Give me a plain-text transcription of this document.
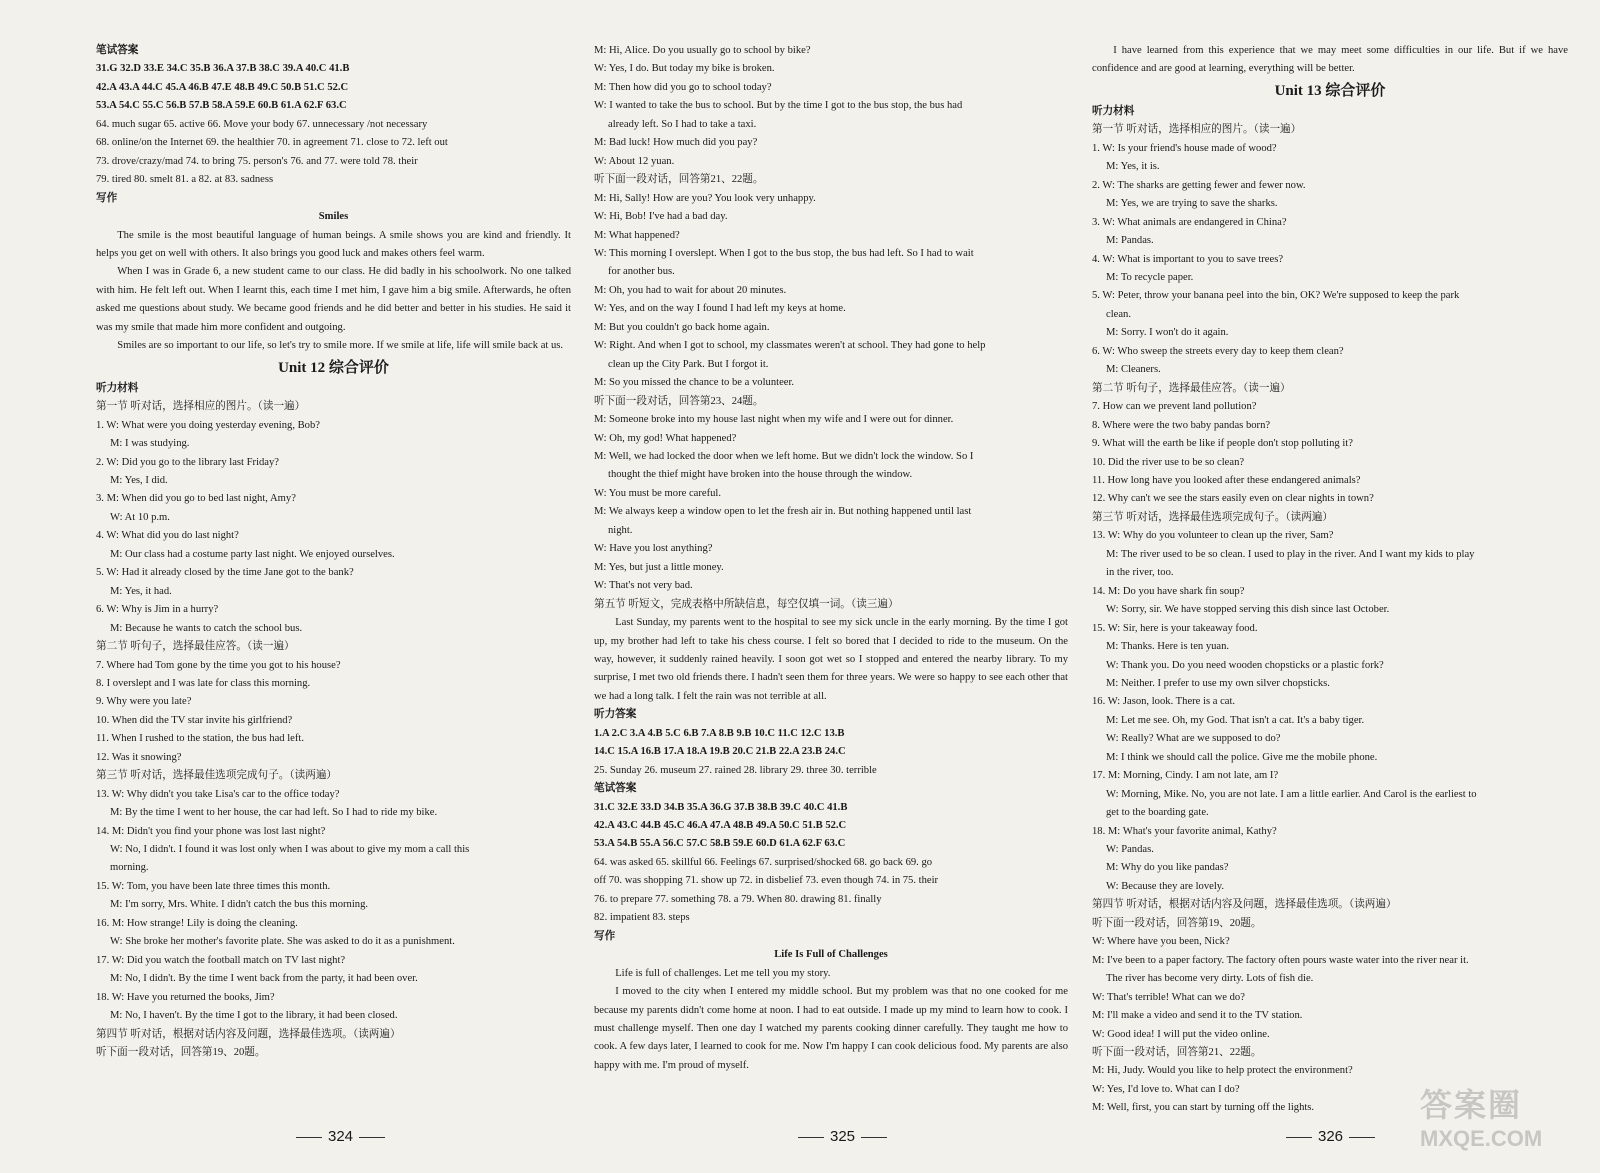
笔试答案

31.G 32.D 33.E 34.C 35.B 36.A 37.B 38.C 39.A 40.C 41.B

42.A 43.A 44.C 45.A 46.B 47.E 48.B 49.C 50.B 51.C 52.C

53.A 54.C 55.C 56.B 57.B 58.A 59.E 60.B 61.A 62.F 63.C

64. much sugar 65. active 66. Move your body 67. unnecessary /not necessary

68. online/on the Internet 69. the healthier 70. in agreement 71. close to 72. left out

73. drove/crazy/mad 74. to bring 75. person's 76. and 77. were told 78. their

79. tired 80. smelt 81. a 82. at 83. sadness

写作

Smiles

The smile is the most beautiful language of human beings. A smile shows you are kind and friendly. It helps you get on well with others. It also brings you good luck and makes others feel warm.

When I was in Grade 6, a new student came to our class. He did badly in his schoolwork. No one talked with him. He felt left out. When I learnt this, each time I met him, I gave him a big smile. Afterwards, he often asked me questions about study. We became good friends and he did better and better in his studies. He said it was my smile that made him more confident and outgoing.

Smiles are so important to our life, so let's try to smile more. If we smile at life, life will smile back at us.

Unit 12 综合评价

听力材料

第一节 听对话，选择相应的图片。（读一遍）

1. W: What were you doing yesterday evening, Bob?

M: I was studying.

2. W: Did you go to the library last Friday?

M: Yes, I did.

3. M: When did you go to bed last night, Amy?

W: At 10 p.m.

4. W: What did you do last night?

M: Our class had a costume party last night. We enjoyed ourselves.

5. W: Had it already closed by the time Jane got to the bank?

M: Yes, it had.

6. W: Why is Jim in a hurry?

M: Because he wants to catch the school bus.

第二节 听句子，选择最佳应答。（读一遍）

7. Where had Tom gone by the time you got to his house?

8. I overslept and I was late for class this morning.

9. Why were you late?

10. When did the TV star invite his girlfriend?

11. When I rushed to the station, the bus had left.

12. Was it snowing?

第三节 听对话，选择最佳选项完成句子。（读两遍）

13. W: Why didn't you take Lisa's car to the office today?

M: By the time I went to her house, the car had left. So I had to ride my bike.

14. M: Didn't you find your phone was lost last night?

W: No, I didn't. I found it was lost only when I was about to give my mom a call this

morning.

15. W: Tom, you have been late three times this month.

M: I'm sorry, Mrs. White. I didn't catch the bus this morning.

16. M: How strange! Lily is doing the cleaning.

W: She broke her mother's favorite plate. She was asked to do it as a punishment.

17. W: Did you watch the football match on TV last night?

M: No, I didn't. By the time I went back from the party, it had been over.

18. W: Have you returned the books, Jim?

M: No, I haven't. By the time I got to the library, it had been closed.

第四节 听对话，根据对话内容及问题，选择最佳选项。（读两遍）

听下面一段对话，回答第19、20题。

M: Hi, Alice. Do you usually go to school by bike?

W: Yes, I do. But today my bike is broken.

M: Then how did you go to school today?

W: I wanted to take the bus to school. But by the time I got to the bus stop, the bus had

already left. So I had to take a taxi.

M: Bad luck! How much did you pay?

W: About 12 yuan.

听下面一段对话，回答第21、22题。

M: Hi, Sally! How are you? You look very unhappy.

W: Hi, Bob! I've had a bad day.

M: What happened?

W: This morning I overslept. When I got to the bus stop, the bus had left. So I had to wait

for another bus.

M: Oh, you had to wait for about 20 minutes.

W: Yes, and on the way I found I had left my keys at home.

M: But you couldn't go back home again.

W: Right. And when I got to school, my classmates weren't at school. They had gone to help

clean up the City Park. But I forgot it.

M: So you missed the chance to be a volunteer.

听下面一段对话，回答第23、24题。

M: Someone broke into my house last night when my wife and I were out for dinner.

W: Oh, my god! What happened?

M: Well, we had locked the door when we left home. But we didn't lock the window. So I

thought the thief might have broken into the house through the window.

W: You must be more careful.

M: We always keep a window open to let the fresh air in. But nothing happened until last

night.

W: Have you lost anything?

M: Yes, but just a little money.

W: That's not very bad.

第五节 听短文，完成表格中所缺信息，每空仅填一词。（读三遍）

Last Sunday, my parents went to the hospital to see my sick uncle in the early morning. By the time I got up, my brother had left to take his chess course. I felt so bored that I decided to ride to the museum. On the way, however, it suddenly rained heavily. I soon got wet so I stopped and entered the nearby library. To my surprise, I met two old friends there. I hadn't seen them for three years. We were so happy to see each other that we had a long talk. I felt the rain was not terrible at all.

听力答案

1.A 2.C 3.A 4.B 5.C 6.B 7.A 8.B 9.B 10.C 11.C 12.C 13.B

14.C 15.A 16.B 17.A 18.A 19.B 20.C 21.B 22.A 23.B 24.C

25. Sunday 26. museum 27. rained 28. library 29. three 30. terrible

笔试答案

31.C 32.E 33.D 34.B 35.A 36.G 37.B 38.B 39.C 40.C 41.B

42.A 43.C 44.B 45.C 46.A 47.A 48.B 49.A 50.C 51.B 52.C

53.A 54.B 55.A 56.C 57.C 58.B 59.E 60.D 61.A 62.F 63.C

64. was asked 65. skillful 66. Feelings 67. surprised/shocked 68. go back 69. go

off 70. was shopping 71. show up 72. in disbelief 73. even though 74. in 75. their

76. to prepare 77. something 78. a 79. When 80. drawing 81. finally

82. impatient 83. steps

写作

Life Is Full of Challenges

Life is full of challenges. Let me tell you my story.

I moved to the city when I entered my middle school. But my problem was that no one cooked for me because my parents didn't come home at noon. I had to eat outside. I made up my mind to learn how to cook. I must challenge myself. Then one day I watched my parents cooking dinner carefully. They taught me how to cook. A few days later, I learned to cook for me. Now I'm happy I can cook delicious food. My parents are also happy with me. I'm proud of myself.

I have learned from this experience that we may meet some difficulties in our life. But if we have confidence and are good at learning, everything will be better.

Unit 13 综合评价

听力材料

第一节 听对话，选择相应的图片。（读一遍）

1. W: Is your friend's house made of wood?

M: Yes, it is.

2. W: The sharks are getting fewer and fewer now.

M: Yes, we are trying to save the sharks.

3. W: What animals are endangered in China?

M: Pandas.

4. W: What is important to you to save trees?

M: To recycle paper.

5. W: Peter, throw your banana peel into the bin, OK? We're supposed to keep the park

clean.

M: Sorry. I won't do it again.

6. W: Who sweep the streets every day to keep them clean?

M: Cleaners.

第二节 听句子，选择最佳应答。（读一遍）

7. How can we prevent land pollution?

8. Where were the two baby pandas born?

9. What will the earth be like if people don't stop polluting it?

10. Did the river use to be so clean?

11. How long have you looked after these endangered animals?

12. Why can't we see the stars easily even on clear nights in town?

第三节 听对话，选择最佳选项完成句子。（读两遍）

13. W: Why do you volunteer to clean up the river, Sam?

M: The river used to be so clean. I used to play in the river. And I want my kids to play

in the river, too.

14. M: Do you have shark fin soup?

W: Sorry, sir. We have stopped serving this dish since last October.

15. W: Sir, here is your takeaway food.

M: Thanks. Here is ten yuan.

W: Thank you. Do you need wooden chopsticks or a plastic fork?

M: Neither. I prefer to use my own silver chopsticks.

16. W: Jason, look. There is a cat.

M: Let me see. Oh, my God. That isn't a cat. It's a baby tiger.

W: Really? What are we supposed to do?

M: I think we should call the police. Give me the mobile phone.

17. M: Morning, Cindy. I am not late, am I?

W: Morning, Mike. No, you are not late. I am a little earlier. And Carol is the earliest to

get to the boarding gate.

18. M: What's your favorite animal, Kathy?

W: Pandas.

M: Why do you like pandas?

W: Because they are lovely.

第四节 听对话，根据对话内容及问题，选择最佳选项。（读两遍）

听下面一段对话，回答第19、20题。

W: Where have you been, Nick?

M: I've been to a paper factory. The factory often pours waste water into the river near it.

The river has become very dirty. Lots of fish die.

W: That's terrible! What can we do?

M: I'll make a video and send it to the TV station.

W: Good idea! I will put the video online.

听下面一段对话，回答第21、22题。

M: Hi, Judy. Would you like to help protect the environment?

W: Yes, I'd love to. What can I do?

M: Well, first, you can start by turning off the lights.

324	325	326
答案圈
MXQE.COM
